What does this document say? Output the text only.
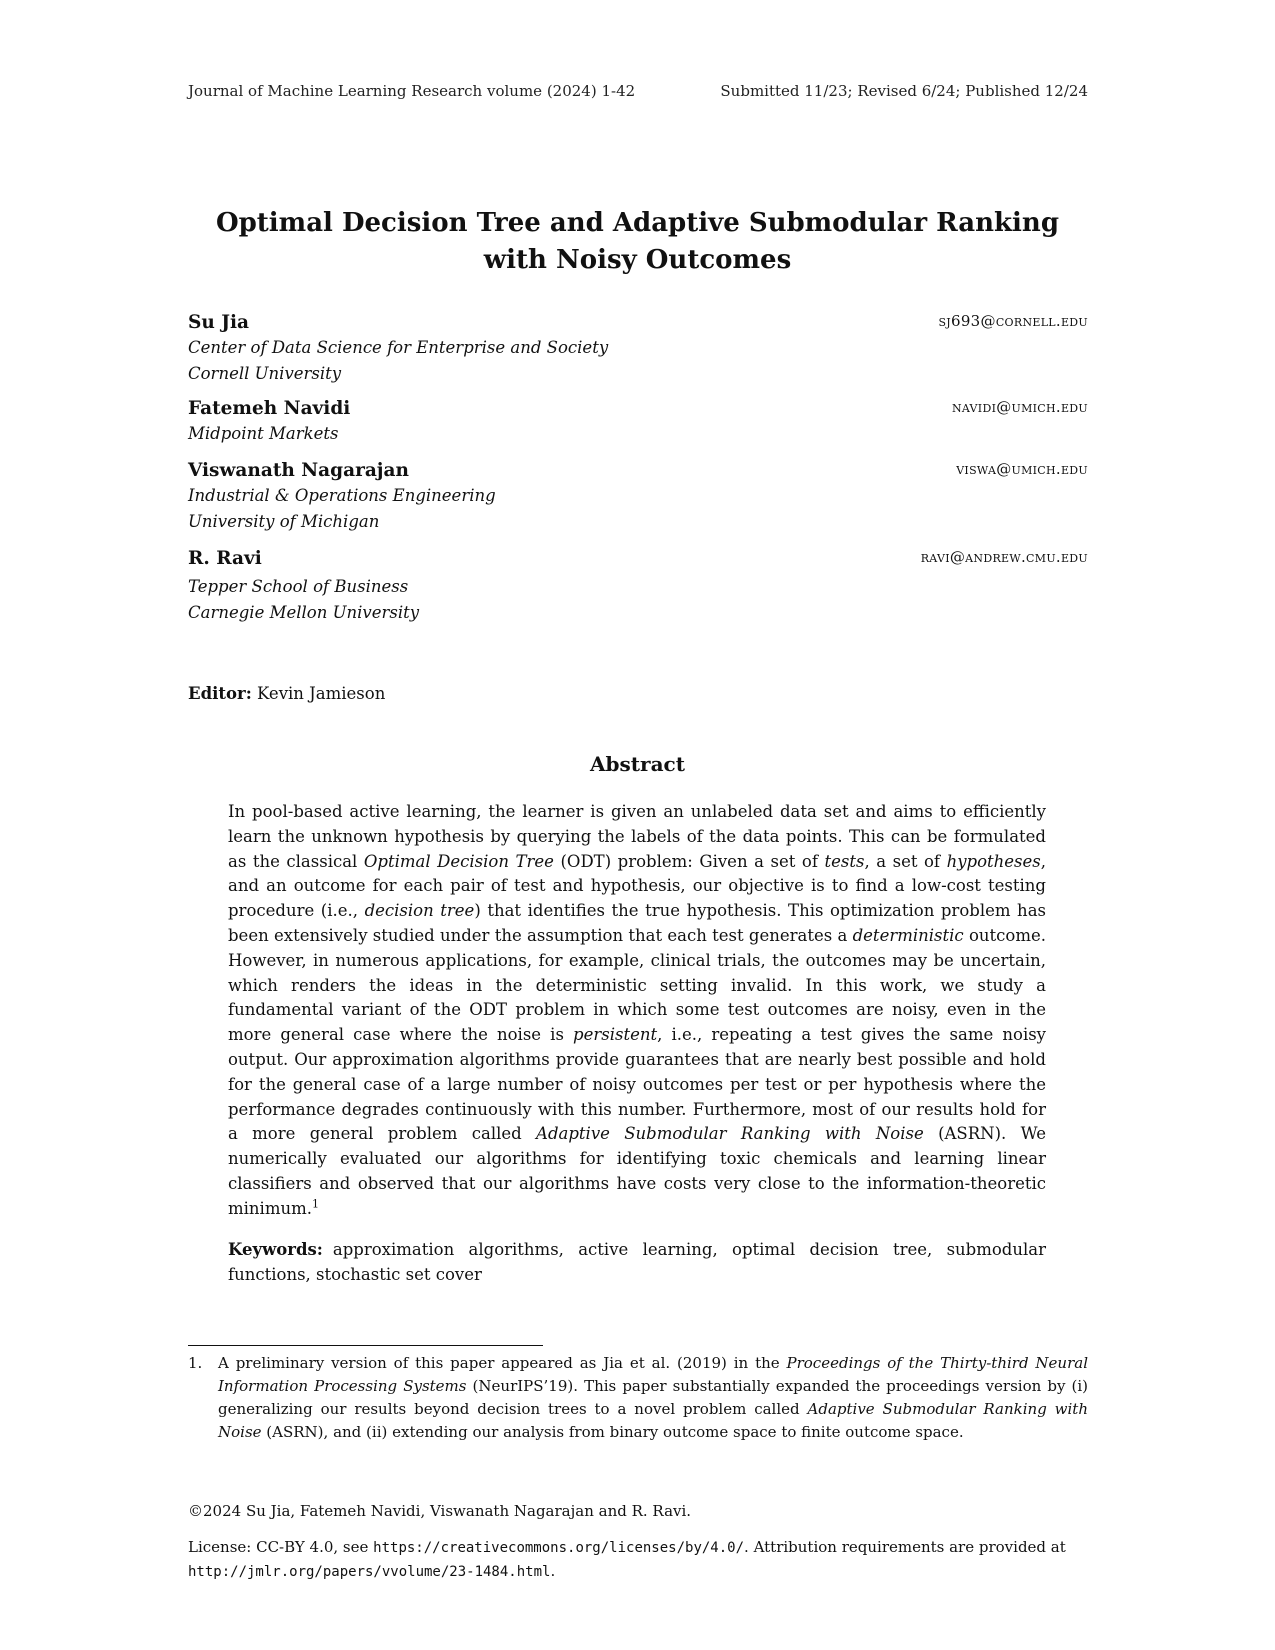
Journal of Machine Learning Research volume (2024) 1-42	Submitted 11/23; Revised 6/24; Published 12/24
Optimal Decision Tree and Adaptive Submodular Ranking
with Noisy Outcomes
Su Jia	sj693@cornell.edu
Center of Data Science for Enterprise and Society
Cornell University
Fatemeh Navidi	navidi@umich.edu
Midpoint Markets
Viswanath Nagarajan	viswa@umich.edu
Industrial & Operations Engineering
University of Michigan
R. Ravi	ravi@andrew.cmu.edu
Tepper School of Business
Carnegie Mellon University
Editor: Kevin Jamieson
Abstract

In pool-based active learning, the learner is given an unlabeled data set and aims to efficiently learn the unknown hypothesis by querying the labels of the data points. This can be formulated as the classical Optimal Decision Tree (ODT) problem: Given a set of tests, a set of hypotheses, and an outcome for each pair of test and hypothesis, our objective is to find a low-cost testing procedure (i.e., decision tree) that identifies the true hypothesis. This optimization problem has been extensively studied under the assumption that each test generates a deterministic outcome. However, in numerous applications, for example, clinical trials, the outcomes may be uncertain, which renders the ideas in the deterministic setting invalid. In this work, we study a fundamental variant of the ODT problem in which some test outcomes are noisy, even in the more general case where the noise is persistent, i.e., repeating a test gives the same noisy output. Our approximation algorithms provide guarantees that are nearly best possible and hold for the general case of a large number of noisy outcomes per test or per hypothesis where the performance degrades continuously with this number. Furthermore, most of our results hold for a more general problem called Adaptive Submodular Ranking with Noise (ASRN). We numerically evaluated our algorithms for identifying toxic chemicals and learning linear classifiers and observed that our algorithms have costs very close to the information-theoretic minimum.$^1$

Keywords: approximation algorithms, active learning, optimal decision tree, submodular functions, stochastic set cover
1.	A preliminary version of this paper appeared as Jia et al. (2019) in the Proceedings of the Thirty-third Neural Information Processing Systems (NeurIPS’19). This paper substantially expanded the proceedings version by (i) generalizing our results beyond decision trees to a novel problem called Adaptive Submodular Ranking with Noise (ASRN), and (ii) extending our analysis from binary outcome space to finite outcome space.
©2024 Su Jia, Fatemeh Navidi, Viswanath Nagarajan and R. Ravi.
License: CC-BY 4.0, see https://creativecommons.org/licenses/by/4.0/. Attribution requirements are provided at http://jmlr.org/papers/vvolume/23-1484.html.
